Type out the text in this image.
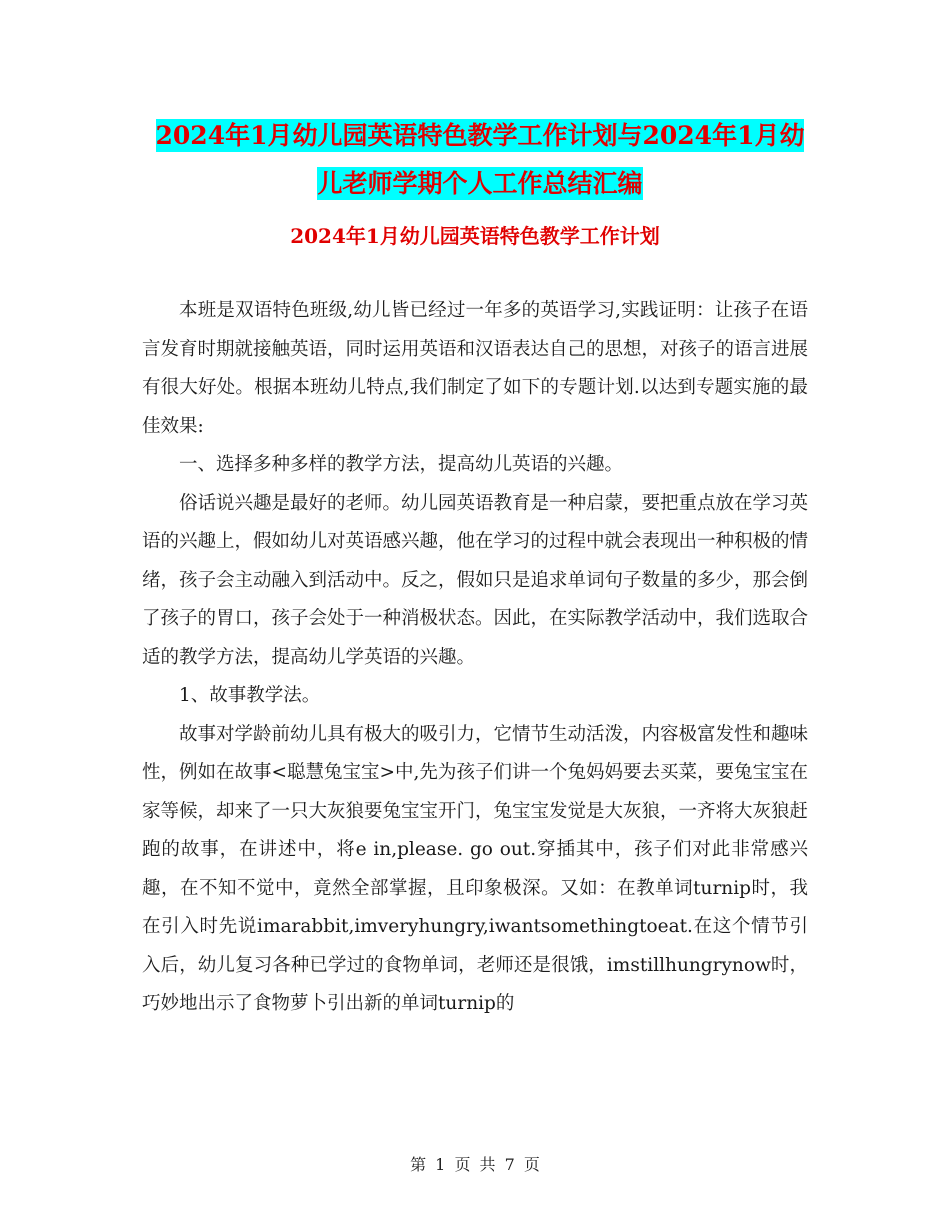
2024年1月幼儿园英语特色教学工作计划与2024年1月幼儿老师学期个人工作总结汇编
2024年1月幼儿园英语特色教学工作计划

本班是双语特色班级,幼儿皆已经过一年多的英语学习,实践证明：让孩子在语言发育时期就接触英语，同时运用英语和汉语表达自己的思想，对孩子的语言进展有很大好处。根据本班幼儿特点,我们制定了如下的专题计划.以达到专题实施的最佳效果:

一、选择多种多样的教学方法，提高幼儿英语的兴趣。

俗话说兴趣是最好的老师。幼儿园英语教育是一种启蒙，要把重点放在学习英语的兴趣上，假如幼儿对英语感兴趣，他在学习的过程中就会表现出一种积极的情绪，孩子会主动融入到活动中。反之，假如只是追求单词句子数量的多少，那会倒了孩子的胃口，孩子会处于一种消极状态。因此，在实际教学活动中，我们选取合适的教学方法，提高幼儿学英语的兴趣。

1、故事教学法。

故事对学龄前幼儿具有极大的吸引力，它情节生动活泼，内容极富发性和趣味性，例如在故事<聪慧兔宝宝>中,先为孩子们讲一个兔妈妈要去买菜，要兔宝宝在家等候，却来了一只大灰狼要兔宝宝开门，兔宝宝发觉是大灰狼，一齐将大灰狼赶跑的故事，在讲述中，将e in,please. go out.穿插其中，孩子们对此非常感兴趣，在不知不觉中，竟然全部掌握，且印象极深。又如：在教单词turnip时，我在引入时先说imarabbit,imveryhungry,iwantsomethingtoeat.在这个情节引入后，幼儿复习各种已学过的食物单词，老师还是很饿，imstillhungrynow时，巧妙地出示了食物萝卜引出新的单词turnip的

第 1 页 共 7 页
